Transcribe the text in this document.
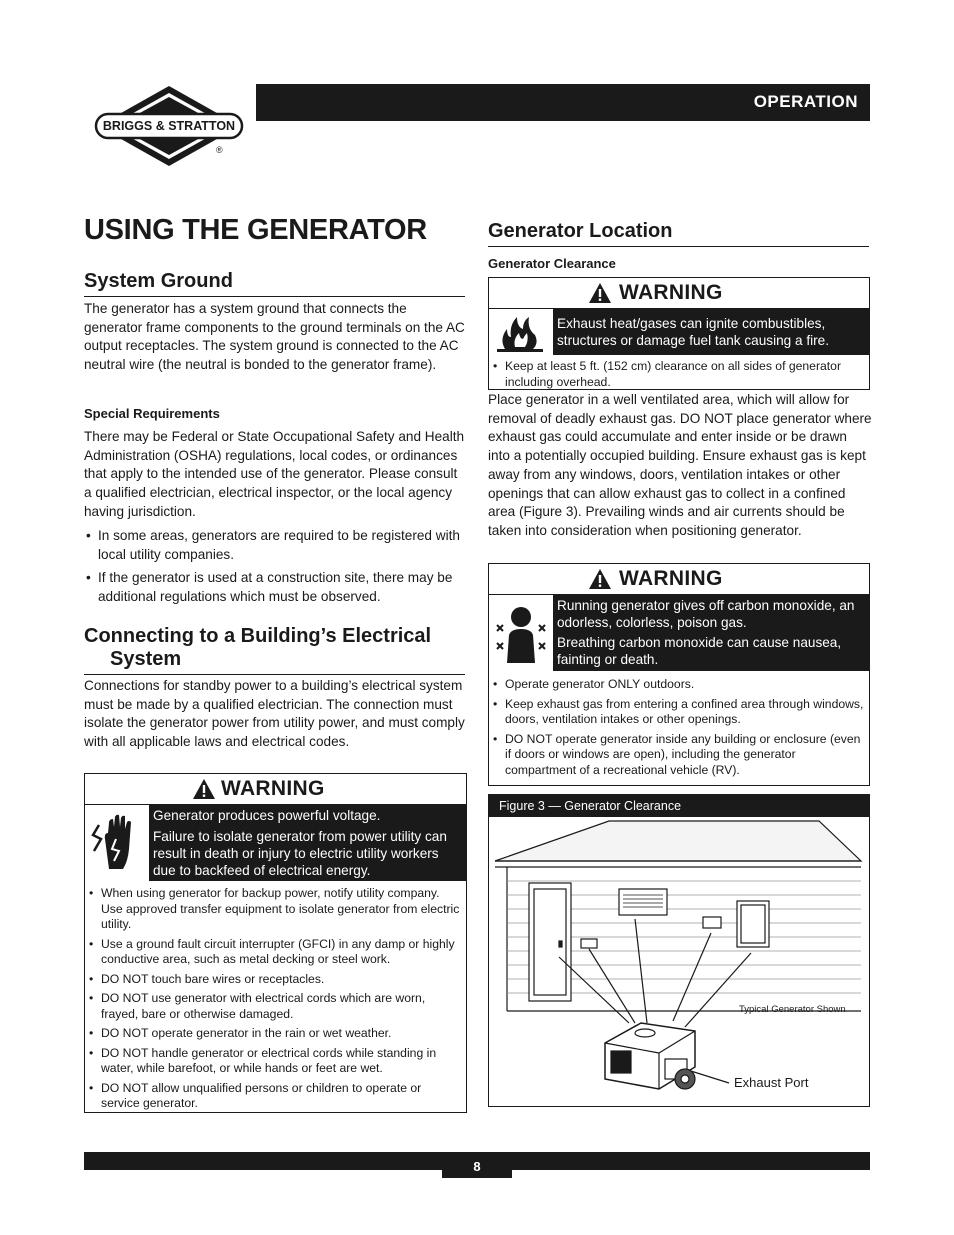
BRIGGS & STRATTON
®
OPERATION
USING THE GENERATOR
System Ground

The generator has a system ground that connects the generator frame components to the ground terminals on the AC output receptacles. The system ground is connected to the AC neutral wire (the neutral is bonded to the generator frame).

Special Requirements

There may be Federal or State Occupational Safety and Health Administration (OSHA) regulations, local codes, or ordinances that apply to the intended use of the generator. Please consult a qualified electrician, electrical inspector, or the local agency having jurisdiction.

• In some areas, generators are required to be registered with local utility companies.
• If the generator is used at a construction site, there may be additional regulations which must be observed.
Connecting to a Building’s Electrical
System

Connections for standby power to a building’s electrical system must be made by a qualified electrician. The connection must isolate the generator power from utility power, and must comply with all applicable laws and electrical codes.

WARNING
Generator produces powerful voltage.
Failure to isolate generator from power utility can result in death or injury to electric utility workers due to backfeed of electrical energy.
• When using generator for backup power, notify utility company. Use approved transfer equipment to isolate generator from electric utility.
• Use a ground fault circuit interrupter (GFCI) in any damp or highly conductive area, such as metal decking or steel work.
• DO NOT touch bare wires or receptacles.
• DO NOT use generator with electrical cords which are worn, frayed, bare or otherwise damaged.
• DO NOT operate generator in the rain or wet weather.
• DO NOT handle generator or electrical cords while standing in water, while barefoot, or while hands or feet are wet.
• DO NOT allow unqualified persons or children to operate or service generator.
Generator Location
Generator Clearance
WARNING
Exhaust heat/gases can ignite combustibles, structures or damage fuel tank causing a fire.
• Keep at least 5 ft. (152 cm) clearance on all sides of generator including overhead.

Place generator in a well ventilated area, which will allow for removal of deadly exhaust gas. DO NOT place generator where exhaust gas could accumulate and enter inside or be drawn into a potentially occupied building. Ensure exhaust gas is kept away from any windows, doors, ventilation intakes or other openings that can allow exhaust gas to collect in a confined area (Figure 3). Prevailing winds and air currents should be taken into consideration when positioning generator.

WARNING
Running generator gives off carbon monoxide, an odorless, colorless, poison gas.
Breathing carbon monoxide can cause nausea, fainting or death.
• Operate generator ONLY outdoors.
• Keep exhaust gas from entering a confined area through windows, doors, ventilation intakes or other openings.
• DO NOT operate generator inside any building or enclosure (even if doors or windows are open), including the generator compartment of a recreational vehicle (RV).
Figure 3 — Generator Clearance
Typical Generator Shown
Exhaust Port
8
